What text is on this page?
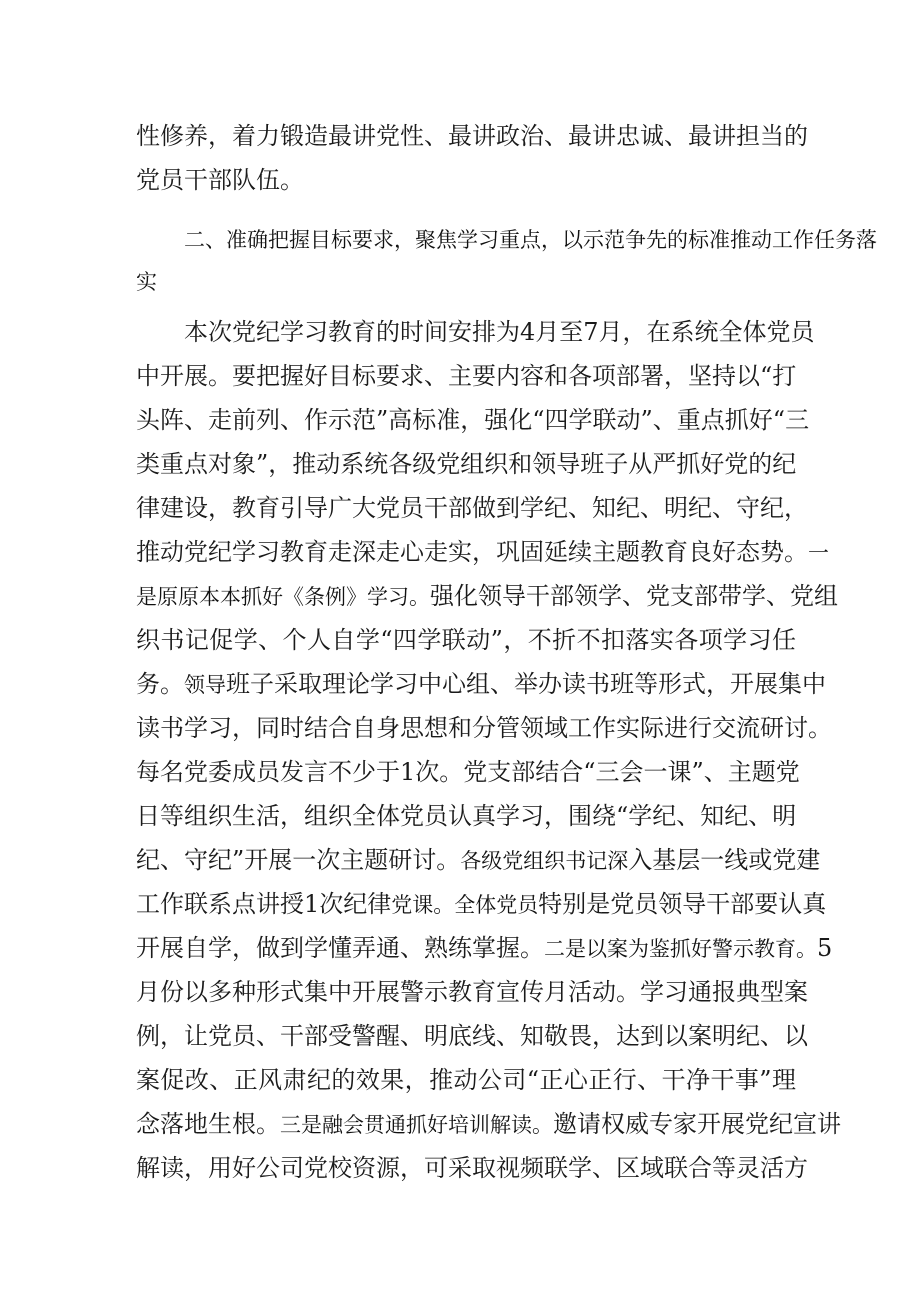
性修养，着力锻造最讲党性、最讲政治、最讲忠诚、最讲担当的
党员干部队伍。
二、准确把握目标要求，聚焦学习重点，以示范争先的标准推动工作任务落
实
本次党纪学习教育的时间安排为4月至7月，在系统全体党员
中开展。要把握好目标要求、主要内容和各项部署，坚持以“打
头阵、走前列、作示范”高标准，强化“四学联动”、重点抓好“三
类重点对象”，推动系统各级党组织和领导班子从严抓好党的纪
律建设，教育引导广大党员干部做到学纪、知纪、明纪、守纪，
推动党纪学习教育走深走心走实，巩固延续主题教育良好态势。一
是原原本本抓好《条例》学习。强化领导干部领学、党支部带学、党组
织书记促学、个人自学“四学联动”，不折不扣落实各项学习任
务。领导班子采取理论学习中心组、举办读书班等形式，开展集中
读书学习，同时结合自身思想和分管领域工作实际进行交流研讨。
每名党委成员发言不少于1次。党支部结合“三会一课”、主题党
日等组织生活，组织全体党员认真学习，围绕“学纪、知纪、明
纪、守纪”开展一次主题研讨。各级党组织书记深入基层一线或党建
工作联系点讲授1次纪律党课。全体党员特别是党员领导干部要认真
开展自学，做到学懂弄通、熟练掌握。二是以案为鉴抓好警示教育。5
月份以多种形式集中开展警示教育宣传月活动。学习通报典型案
例，让党员、干部受警醒、明底线、知敬畏，达到以案明纪、以
案促改、正风肃纪的效果，推动公司“正心正行、干净干事”理
念落地生根。三是融会贯通抓好培训解读。邀请权威专家开展党纪宣讲
解读，用好公司党校资源，可采取视频联学、区域联合等灵活方
